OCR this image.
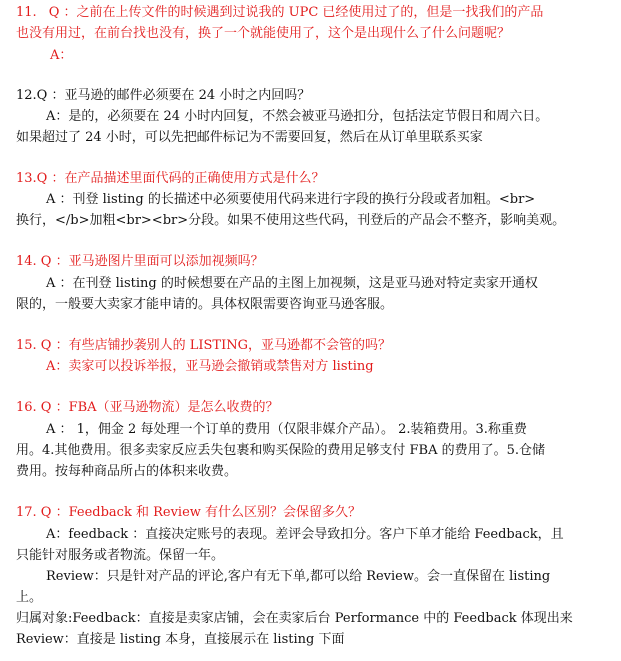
11. Q ：之前在上传文件的时候遇到过说我的 UPC 已经使用过了的，但是一找我们的产品
也没有用过，在前台找也没有，换了一个就能使用了，这个是出现什么了什么问题呢？
A：
12.Q ：亚马逊的邮件必须要在 24 小时之内回吗？
A：是的，必须要在 24 小时内回复，不然会被亚马逊扣分，包括法定节假日和周六日。
如果超过了 24 小时，可以先把邮件标记为不需要回复，然后在从订单里联系买家
13.Q ：在产品描述里面代码的正确使用方式是什么？
A ：刊登 listing 的长描述中必须要使用代码来进行字段的换行分段或者加粗。<br>
换行，</b>加粗<br><br>分段。如果不使用这些代码，刊登后的产品会不整齐，影响美观。
14. Q ：亚马逊图片里面可以添加视频吗？
A ：在刊登 listing 的时候想要在产品的主图上加视频，这是亚马逊对特定卖家开通权
限的，一般要大卖家才能申请的。具体权限需要咨询亚马逊客服。
15. Q ：有些店铺抄袭别人的 LISTING，亚马逊都不会管的吗？
A：卖家可以投诉举报，亚马逊会撤销或禁售对方 listing
16. Q ：FBA（亚马逊物流）是怎么收费的？
A ： 1，佣金 2 每处理一个订单的费用（仅限非媒介产品）。 2.装箱费用。3.称重费
用。4.其他费用。很多卖家反应丢失包裹和购买保险的费用足够支付 FBA 的费用了。5.仓储
费用。按每种商品所占的体积来收费。
17. Q ：Feedback 和 Review 有什么区别？会保留多久？
A：feedback ：直接决定账号的表现。差评会导致扣分。客户下单才能给 Feedback，且
只能针对服务或者物流。保留一年。
Review：只是针对产品的评论,客户有无下单,都可以给 Review。会一直保留在 listing
上。
归属对象:Feedback：直接是卖家店铺，会在卖家后台 Performance 中的 Feedback 体现出来
Review：直接是 listing 本身，直接展示在 listing 下面
